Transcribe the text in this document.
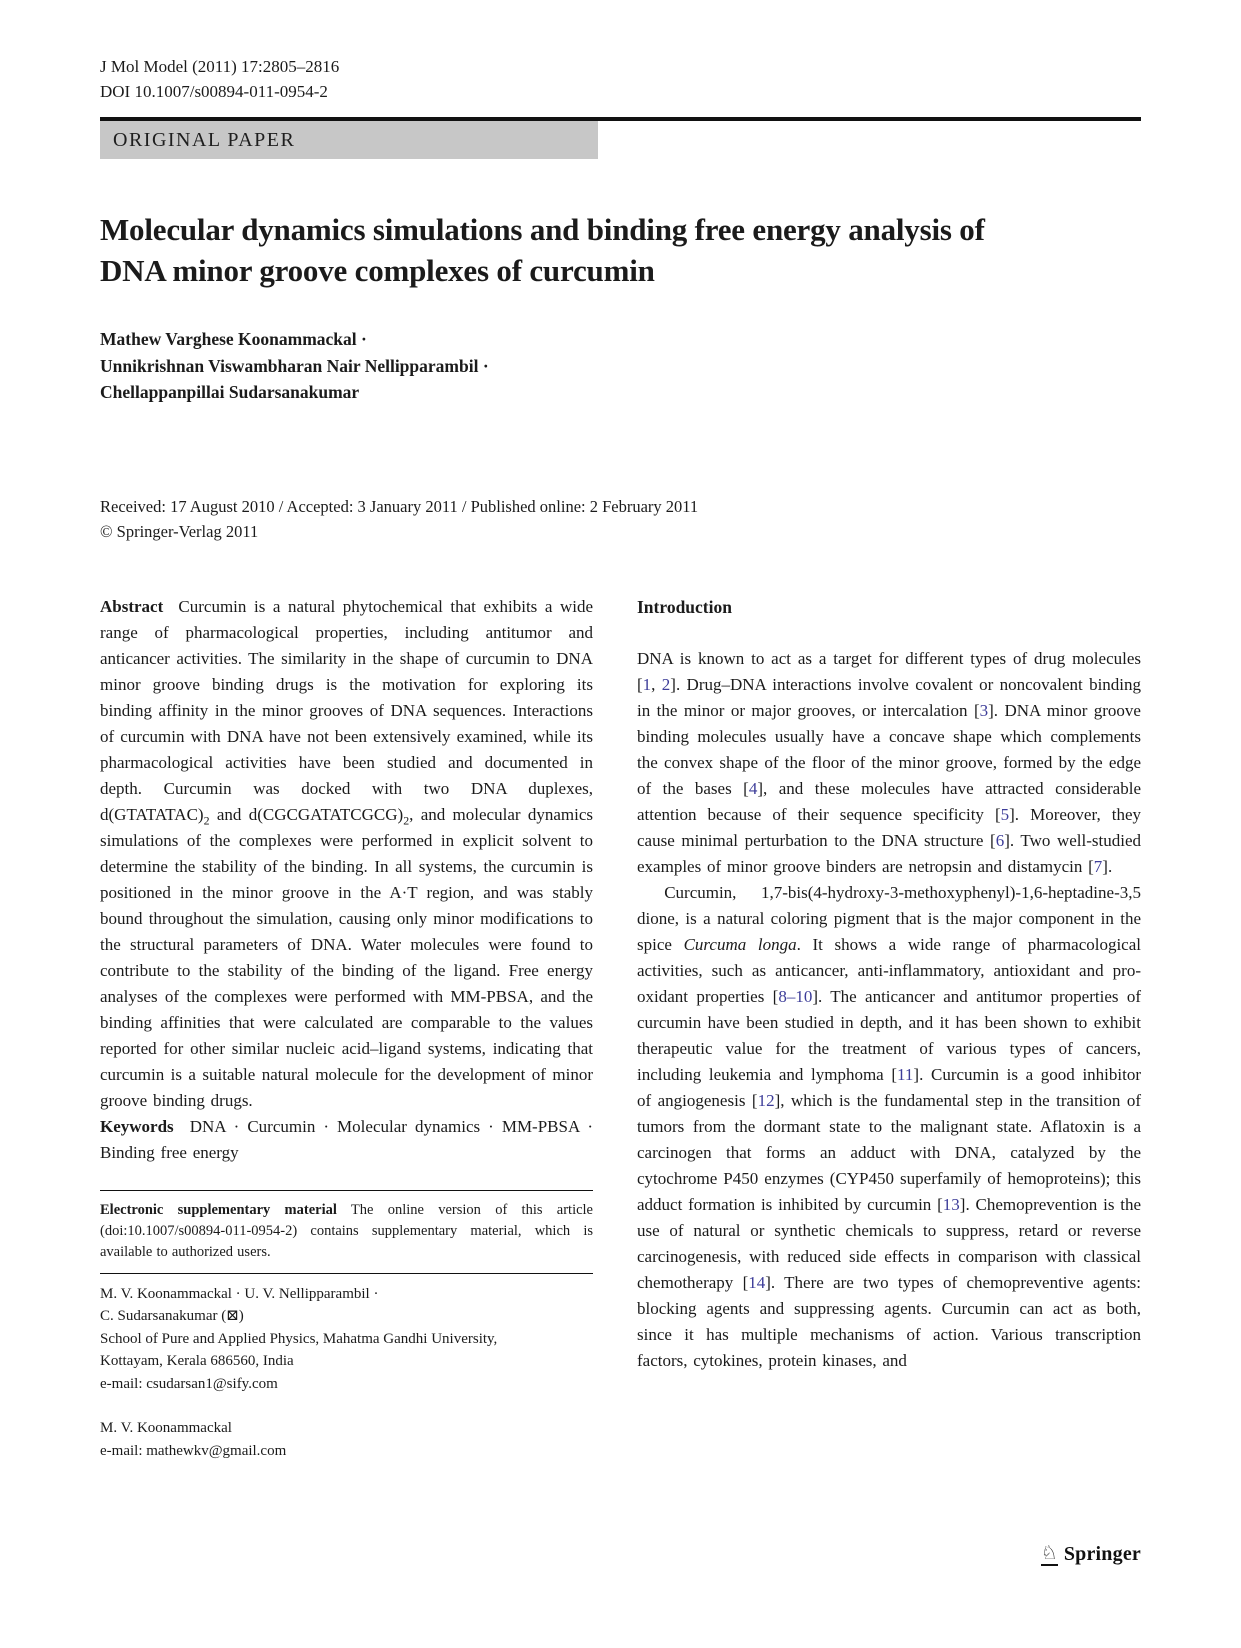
J Mol Model (2011) 17:2805–2816
DOI 10.1007/s00894-011-0954-2
ORIGINAL PAPER
Molecular dynamics simulations and binding free energy analysis of DNA minor groove complexes of curcumin
Mathew Varghese Koonammackal ·
Unnikrishnan Viswambharan Nair Nellipparambil ·
Chellappanpillai Sudarsanakumar
Received: 17 August 2010 / Accepted: 3 January 2011 / Published online: 2 February 2011
© Springer-Verlag 2011

Abstract Curcumin is a natural phytochemical that exhibits a wide range of pharmacological properties, including antitumor and anticancer activities. The similarity in the shape of curcumin to DNA minor groove binding drugs is the motivation for exploring its binding affinity in the minor grooves of DNA sequences. Interactions of curcumin with DNA have not been extensively examined, while its pharmacological activities have been studied and documented in depth. Curcumin was docked with two DNA duplexes, $d(GTATATAC)_2$ and $d(CGCGATATCGCG)_2$, and molecular dynamics simulations of the complexes were performed in explicit solvent to determine the stability of the binding. In all systems, the curcumin is positioned in the minor groove in the A·T region, and was stably bound throughout the simulation, causing only minor modifications to the structural parameters of DNA. Water molecules were found to contribute to the stability of the binding of the ligand. Free energy analyses of the complexes were performed with MM-PBSA, and the binding affinities that were calculated are comparable to the values reported for other similar nucleic acid–ligand systems, indicating that curcumin is a suitable natural molecule for the development of minor groove binding drugs.

Keywords DNA · Curcumin · Molecular dynamics · MM-PBSA · Binding free energy

Electronic supplementary material The online version of this article (doi:10.1007/s00894-011-0954-2) contains supplementary material, which is available to authorized users.
M. V. Koonammackal · U. V. Nellipparambil ·
C. Sudarsanakumar (⊠)
School of Pure and Applied Physics, Mahatma Gandhi University,
Kottayam, Kerala 686560, India
e-mail: csudarsan1@sify.com
M. V. Koonammackal
e-mail: mathewkv@gmail.com
Introduction

DNA is known to act as a target for different types of drug molecules [1, 2]. Drug–DNA interactions involve covalent or noncovalent binding in the minor or major grooves, or intercalation [3]. DNA minor groove binding molecules usually have a concave shape which complements the convex shape of the floor of the minor groove, formed by the edge of the bases [4], and these molecules have attracted considerable attention because of their sequence specificity [5]. Moreover, they cause minimal perturbation to the DNA structure [6]. Two well-studied examples of minor groove binders are netropsin and distamycin [7].

Curcumin, 1,7-bis(4-hydroxy-3-methoxyphenyl)-1,6-heptadine-3,5 dione, is a natural coloring pigment that is the major component in the spice Curcuma longa. It shows a wide range of pharmacological activities, such as anticancer, anti-inflammatory, antioxidant and pro-oxidant properties [8–10]. The anticancer and antitumor properties of curcumin have been studied in depth, and it has been shown to exhibit therapeutic value for the treatment of various types of cancers, including leukemia and lymphoma [11]. Curcumin is a good inhibitor of angiogenesis [12], which is the fundamental step in the transition of tumors from the dormant state to the malignant state. Aflatoxin is a carcinogen that forms an adduct with DNA, catalyzed by the cytochrome P450 enzymes (CYP450 superfamily of hemoproteins); this adduct formation is inhibited by curcumin [13]. Chemoprevention is the use of natural or synthetic chemicals to suppress, retard or reverse carcinogenesis, with reduced side effects in comparison with classical chemotherapy [14]. There are two types of chemopreventive agents: blocking agents and suppressing agents. Curcumin can act as both, since it has multiple mechanisms of action. Various transcription factors, cytokines, protein kinases, and

♘ Springer
